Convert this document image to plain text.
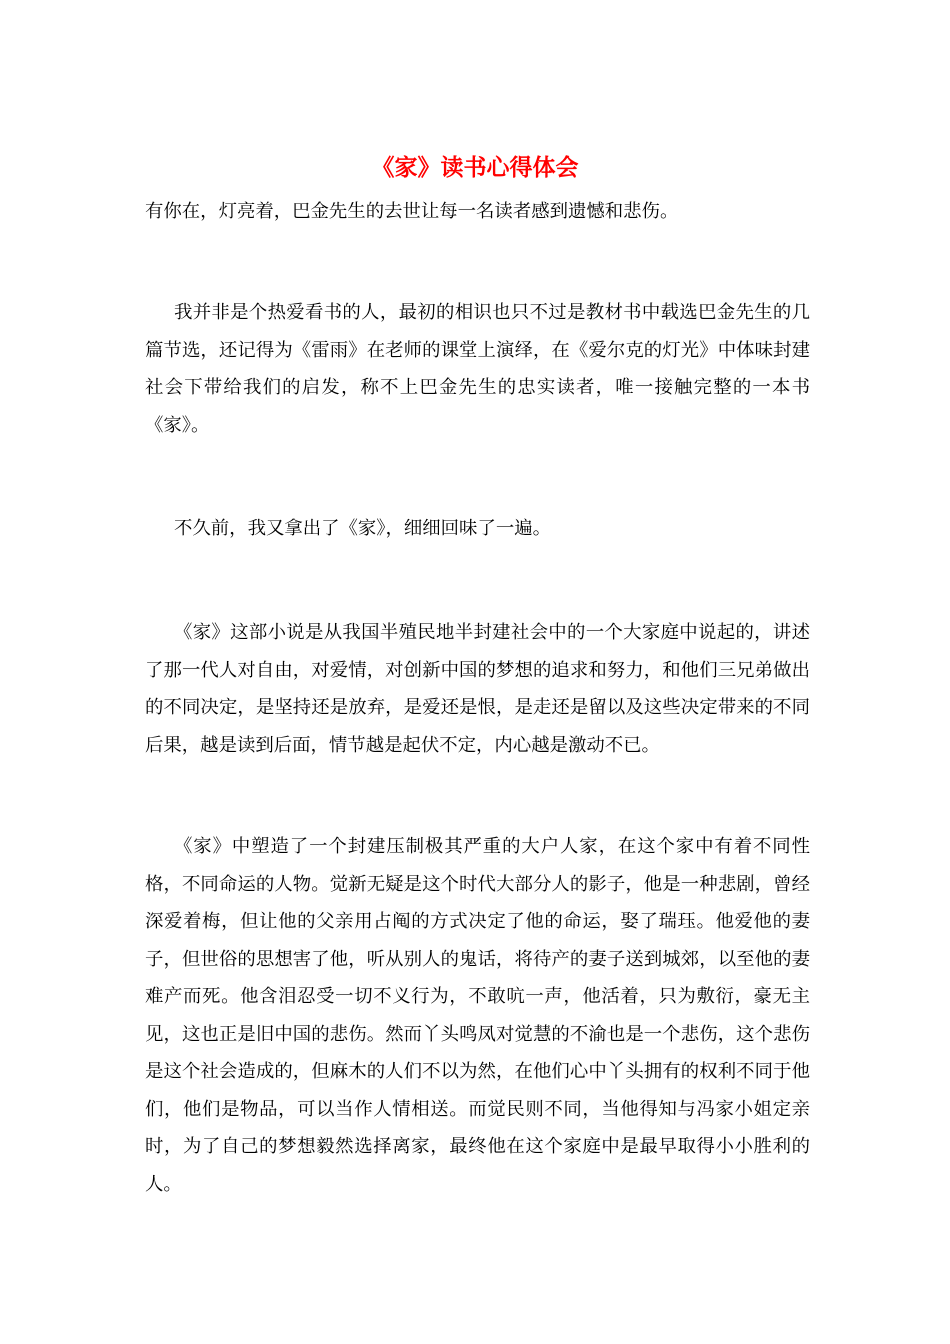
《家》读书心得体会

有你在，灯亮着，巴金先生的去世让每一名读者感到遗憾和悲伤。

我并非是个热爱看书的人，最初的相识也只不过是教材书中载选巴金先生的几篇节选，还记得为《雷雨》在老师的课堂上演绎，在《爱尔克的灯光》中体味封建社会下带给我们的启发，称不上巴金先生的忠实读者，唯一接触完整的一本书《家》。

不久前，我又拿出了《家》，细细回味了一遍。

《家》这部小说是从我国半殖民地半封建社会中的一个大家庭中说起的，讲述了那一代人对自由，对爱情，对创新中国的梦想的追求和努力，和他们三兄弟做出的不同决定，是坚持还是放弃，是爱还是恨，是走还是留以及这些决定带来的不同后果，越是读到后面，情节越是起伏不定，内心越是激动不已。

《家》中塑造了一个封建压制极其严重的大户人家，在这个家中有着不同性格，不同命运的人物。觉新无疑是这个时代大部分人的影子，他是一种悲剧，曾经深爱着梅，但让他的父亲用占阄的方式决定了他的命运，娶了瑞珏。他爱他的妻子，但世俗的思想害了他，听从别人的鬼话，将待产的妻子送到城郊，以至他的妻难产而死。他含泪忍受一切不义行为，不敢吭一声，他活着，只为敷衍，豪无主见，这也正是旧中国的悲伤。然而丫头鸣凤对觉慧的不渝也是一个悲伤，这个悲伤是这个社会造成的，但麻木的人们不以为然，在他们心中丫头拥有的权利不同于他们，他们是物品，可以当作人情相送。而觉民则不同，当他得知与冯家小姐定亲时，为了自己的梦想毅然选择离家，最终他在这个家庭中是最早取得小小胜利的人。
